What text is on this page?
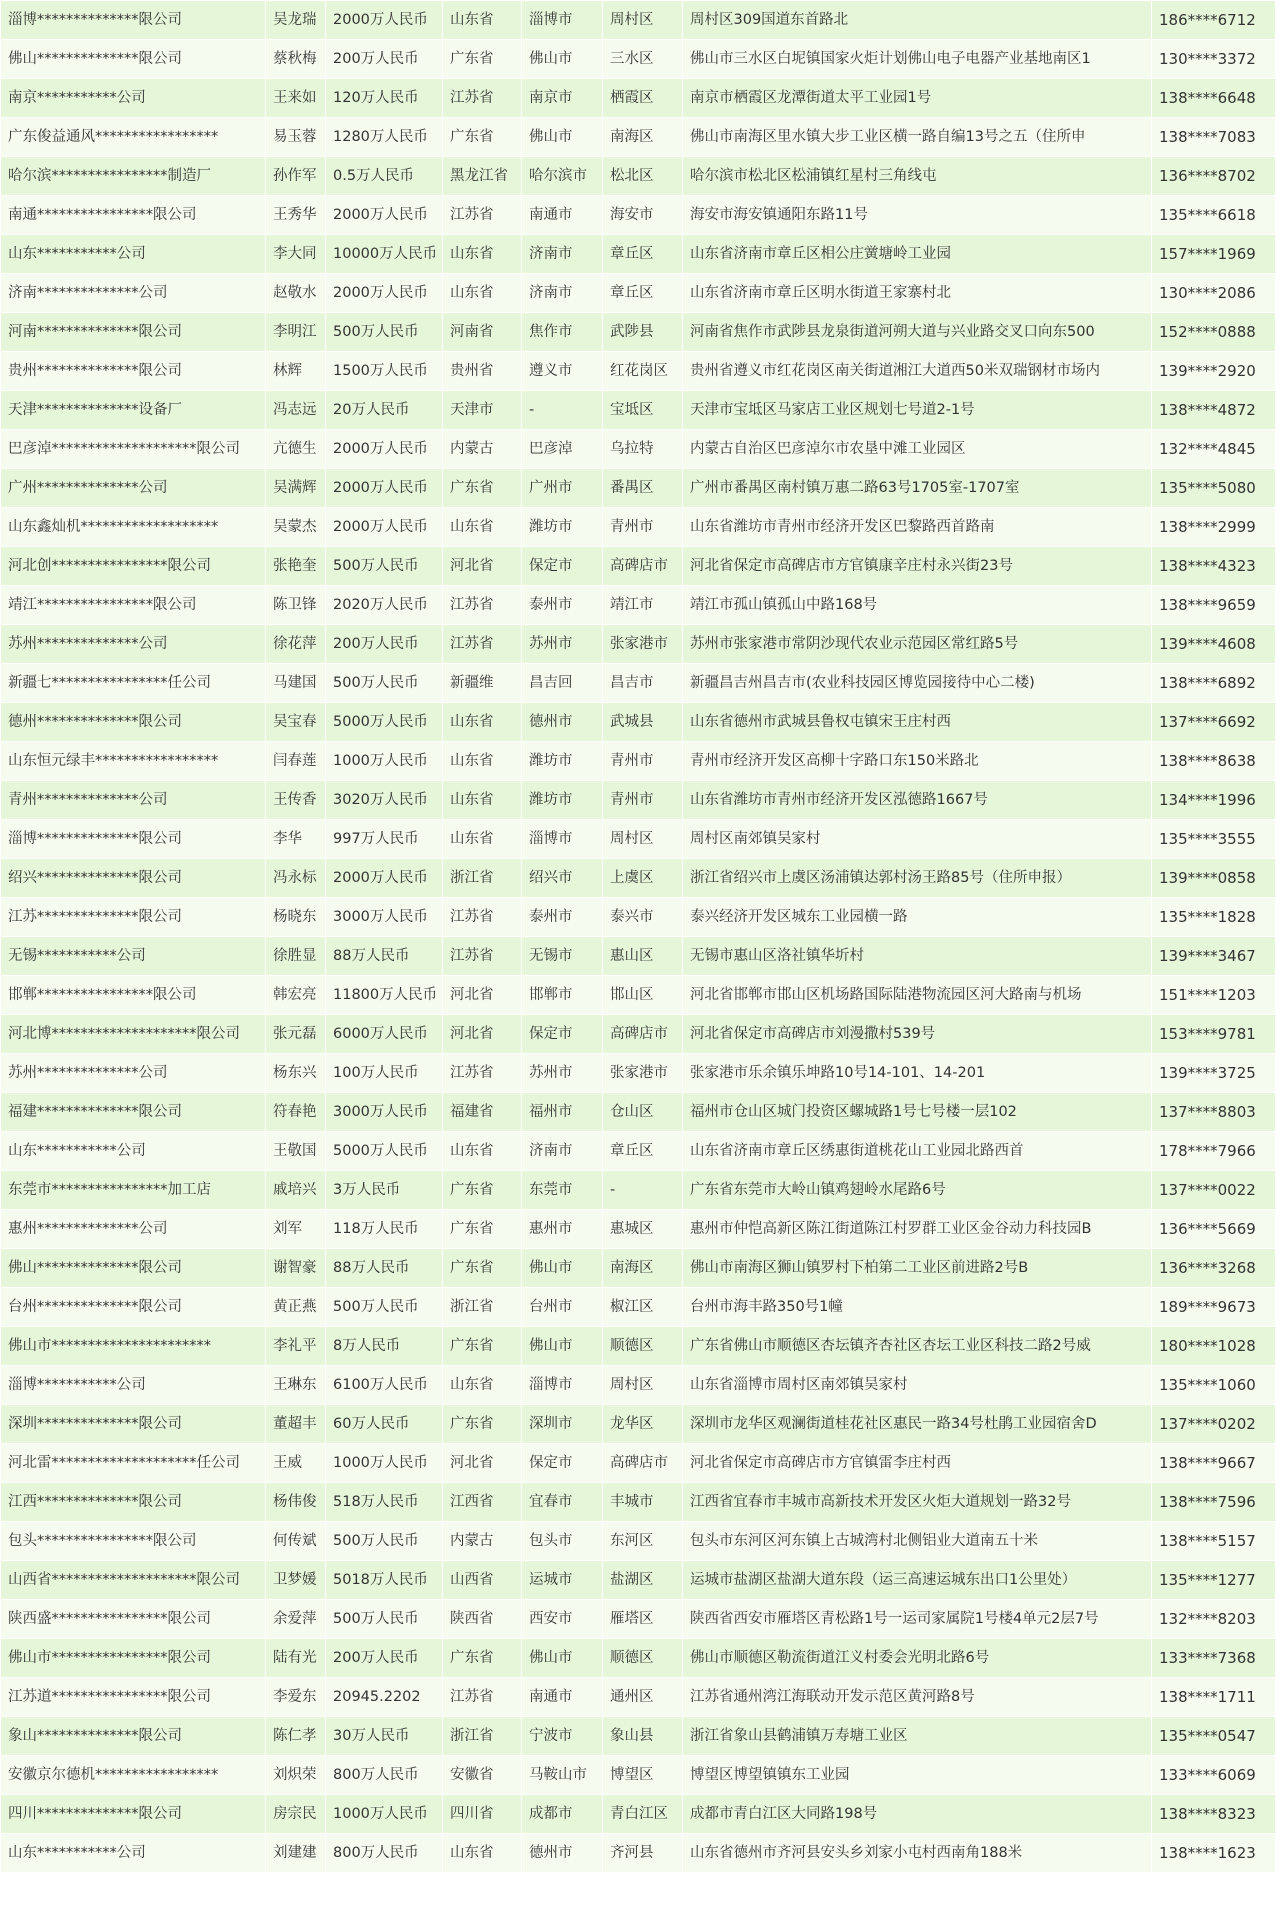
淄博**************限公司	吴龙瑞	2000万人民币	山东省	淄博市	周村区	周村区309国道东首路北	186****6712
佛山**************限公司	蔡秋梅	200万人民币	广东省	佛山市	三水区	佛山市三水区白坭镇国家火炬计划佛山电子电器产业基地南区1	130****3372
南京***********公司	王来如	120万人民币	江苏省	南京市	栖霞区	南京市栖霞区龙潭街道太平工业园1号	138****6648
广东俊益通风*****************	易玉蓉	1280万人民币	广东省	佛山市	南海区	佛山市南海区里水镇大步工业区横一路自编13号之五（住所申	138****7083
哈尔滨****************制造厂	孙作军	0.5万人民币	黑龙江省	哈尔滨市	松北区	哈尔滨市松北区松浦镇红星村三角线屯	136****8702
南通****************限公司	王秀华	2000万人民币	江苏省	南通市	海安市	海安市海安镇通阳东路11号	135****6618
山东***********公司	李大同	10000万人民币	山东省	济南市	章丘区	山东省济南市章丘区相公庄黉塘岭工业园	157****1969
济南**************公司	赵敬水	2000万人民币	山东省	济南市	章丘区	山东省济南市章丘区明水街道王家寨村北	130****2086
河南**************限公司	李明江	500万人民币	河南省	焦作市	武陟县	河南省焦作市武陟县龙泉街道河朔大道与兴业路交叉口向东500	152****0888
贵州**************限公司	林辉	1500万人民币	贵州省	遵义市	红花岗区	贵州省遵义市红花岗区南关街道湘江大道西50米双瑞钢材市场内	139****2920
天津**************设备厂	冯志远	20万人民币	天津市	-	宝坻区	天津市宝坻区马家店工业区规划七号道2-1号	138****4872
巴彦淖********************限公司	亢德生	2000万人民币	内蒙古	巴彦淖	乌拉特	内蒙古自治区巴彦淖尔市农垦中滩工业园区	132****4845
广州**************公司	吴满辉	2000万人民币	广东省	广州市	番禺区	广州市番禺区南村镇万惠二路63号1705室-1707室	135****5080
山东鑫灿机*******************	吴蒙杰	2000万人民币	山东省	潍坊市	青州市	山东省潍坊市青州市经济开发区巴黎路西首路南	138****2999
河北创****************限公司	张艳奎	500万人民币	河北省	保定市	高碑店市	河北省保定市高碑店市方官镇康辛庄村永兴街23号	138****4323
靖江****************限公司	陈卫锋	2020万人民币	江苏省	泰州市	靖江市	靖江市孤山镇孤山中路168号	138****9659
苏州**************公司	徐花萍	200万人民币	江苏省	苏州市	张家港市	苏州市张家港市常阴沙现代农业示范园区常红路5号	139****4608
新疆七****************任公司	马建国	500万人民币	新疆维	昌吉回	昌吉市	新疆昌吉州昌吉市(农业科技园区博览园接待中心二楼)	138****6892
德州**************限公司	吴宝春	5000万人民币	山东省	德州市	武城县	山东省德州市武城县鲁权屯镇宋王庄村西	137****6692
山东恒元绿丰*****************	闫春莲	1000万人民币	山东省	潍坊市	青州市	青州市经济开发区高柳十字路口东150米路北	138****8638
青州**************公司	王传香	3020万人民币	山东省	潍坊市	青州市	山东省潍坊市青州市经济开发区泓德路1667号	134****1996
淄博**************限公司	李华	997万人民币	山东省	淄博市	周村区	周村区南郊镇吴家村	135****3555
绍兴**************限公司	冯永标	2000万人民币	浙江省	绍兴市	上虞区	浙江省绍兴市上虞区汤浦镇达郭村汤王路85号（住所申报）	139****0858
江苏**************限公司	杨晓东	3000万人民币	江苏省	泰州市	泰兴市	泰兴经济开发区城东工业园横一路	135****1828
无锡***********公司	徐胜显	88万人民币	江苏省	无锡市	惠山区	无锡市惠山区洛社镇华圻村	139****3467
邯郸****************限公司	韩宏亮	11800万人民币	河北省	邯郸市	邯山区	河北省邯郸市邯山区机场路国际陆港物流园区河大路南与机场	151****1203
河北博********************限公司	张元磊	6000万人民币	河北省	保定市	高碑店市	河北省保定市高碑店市刘漫撒村539号	153****9781
苏州**************公司	杨东兴	100万人民币	江苏省	苏州市	张家港市	张家港市乐余镇乐坤路10号14-101、14-201	139****3725
福建**************限公司	符春艳	3000万人民币	福建省	福州市	仓山区	福州市仓山区城门投资区螺城路1号七号楼一层102	137****8803
山东***********公司	王敬国	5000万人民币	山东省	济南市	章丘区	山东省济南市章丘区绣惠街道桃花山工业园北路西首	178****7966
东莞市****************加工店	戚培兴	3万人民币	广东省	东莞市	-	广东省东莞市大岭山镇鸡翅岭水尾路6号	137****0022
惠州**************公司	刘军	118万人民币	广东省	惠州市	惠城区	惠州市仲恺高新区陈江街道陈江村罗群工业区金谷动力科技园B	136****5669
佛山**************限公司	谢智豪	88万人民币	广东省	佛山市	南海区	佛山市南海区狮山镇罗村下柏第二工业区前进路2号B	136****3268
台州**************限公司	黄正燕	500万人民币	浙江省	台州市	椒江区	台州市海丰路350号1幢	189****9673
佛山市**********************	李礼平	8万人民币	广东省	佛山市	顺德区	广东省佛山市顺德区杏坛镇齐杏社区杏坛工业区科技二路2号威	180****1028
淄博***********公司	王琳东	6100万人民币	山东省	淄博市	周村区	山东省淄博市周村区南郊镇吴家村	135****1060
深圳**************限公司	董超丰	60万人民币	广东省	深圳市	龙华区	深圳市龙华区观澜街道桂花社区惠民一路34号杜鹃工业园宿舍D	137****0202
河北雷********************任公司	王威	1000万人民币	河北省	保定市	高碑店市	河北省保定市高碑店市方官镇雷李庄村西	138****9667
江西**************限公司	杨伟俊	518万人民币	江西省	宜春市	丰城市	江西省宜春市丰城市高新技术开发区火炬大道规划一路32号	138****7596
包头****************限公司	何传斌	500万人民币	内蒙古	包头市	东河区	包头市东河区河东镇上古城湾村北侧铝业大道南五十米	138****5157
山西省********************限公司	卫梦媛	5018万人民币	山西省	运城市	盐湖区	运城市盐湖区盐湖大道东段（运三高速运城东出口1公里处）	135****1277
陕西盛****************限公司	余爱萍	500万人民币	陕西省	西安市	雁塔区	陕西省西安市雁塔区青松路1号一运司家属院1号楼4单元2层7号	132****8203
佛山市****************限公司	陆有光	200万人民币	广东省	佛山市	顺德区	佛山市顺德区勒流街道江义村委会光明北路6号	133****7368
江苏道****************限公司	李爱东	20945.2202	江苏省	南通市	通州区	江苏省通州湾江海联动开发示范区黄河路8号	138****1711
象山**************限公司	陈仁孝	30万人民币	浙江省	宁波市	象山县	浙江省象山县鹤浦镇万寿塘工业区	135****0547
安徽京尔德机*****************	刘炽荣	800万人民币	安徽省	马鞍山市	博望区	博望区博望镇镇东工业园	133****6069
四川**************限公司	房宗民	1000万人民币	四川省	成都市	青白江区	成都市青白江区大同路198号	138****8323
山东***********公司	刘建建	800万人民币	山东省	德州市	齐河县	山东省德州市齐河县安头乡刘家小屯村西南角188米	138****1623
